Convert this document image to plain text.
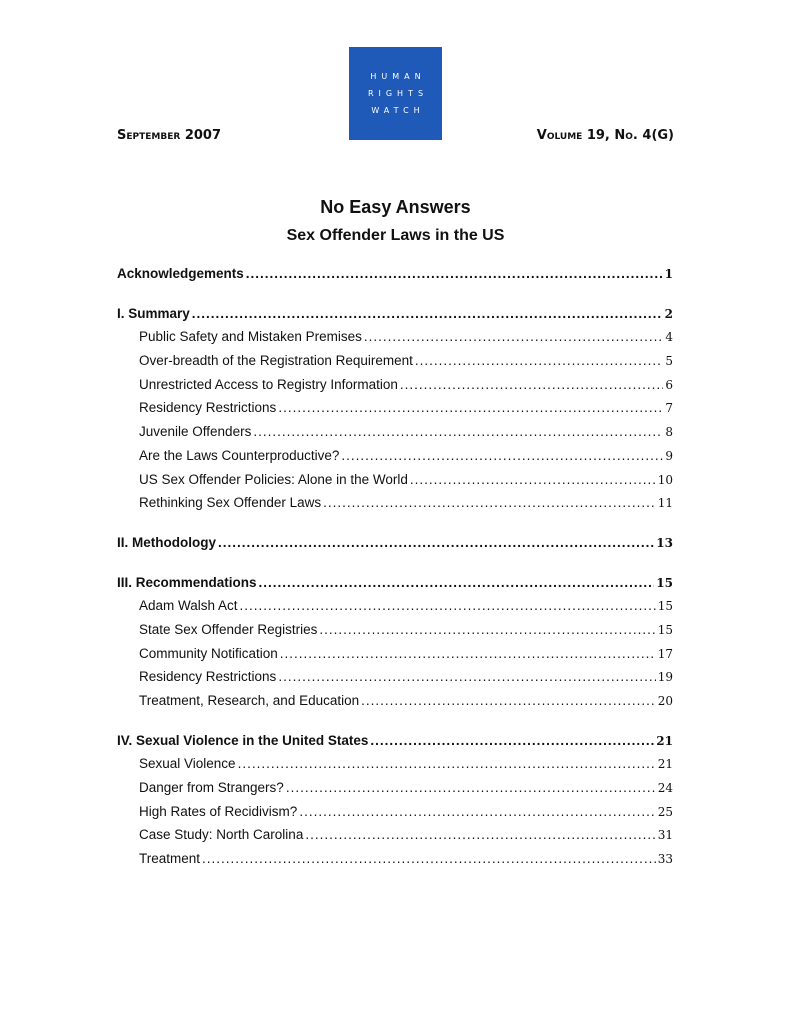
HUMAN
RIGHTS
WATCH
September 2007	Volume 19, No. 4(G)
No Easy Answers
Sex Offender Laws in the US
Acknowledgements .....	1
I. Summary .....	2
Public Safety and Mistaken Premises .....	4
Over-breadth of the Registration Requirement .....	5
Unrestricted Access to Registry Information .....	6
Residency Restrictions .....	7
Juvenile Offenders .....	8
Are the Laws Counterproductive? .....	9
US Sex Offender Policies: Alone in the World .....	10
Rethinking Sex Offender Laws .....	11
II. Methodology .....	13
III. Recommendations .....	15
Adam Walsh Act .....	15
State Sex Offender Registries .....	15
Community Notification .....	17
Residency Restrictions .....	19
Treatment, Research, and Education .....	20
IV. Sexual Violence in the United States .....	21
Sexual Violence .....	21
Danger from Strangers? .....	24
High Rates of Recidivism? .....	25
Case Study: North Carolina .....	31
Treatment .....	33
